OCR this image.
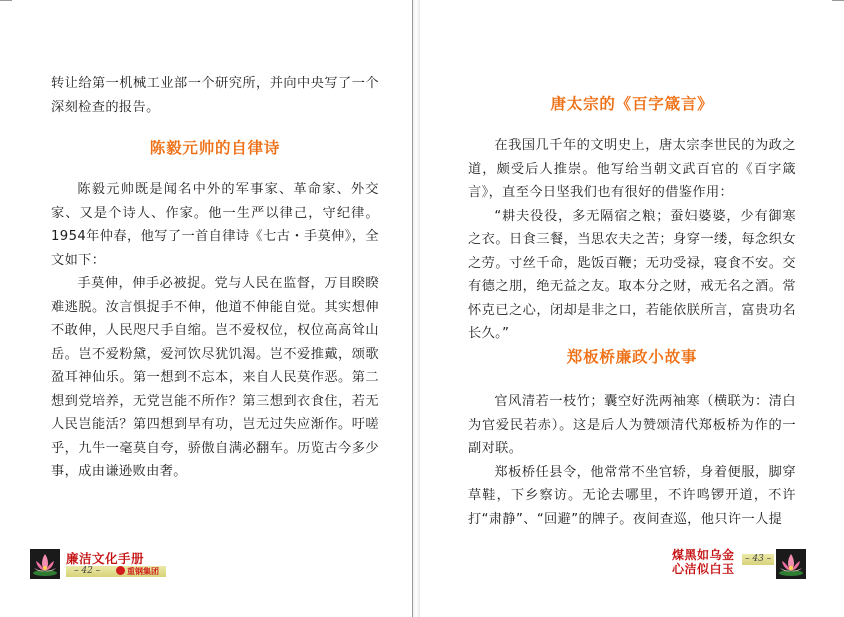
转让给第一机械工业部一个研究所，并向中央写了一个深刻检查的报告。

陈毅元帅的自律诗

陈毅元帅既是闻名中外的军事家、革命家、外交家、又是个诗人、作家。他一生严以律己，守纪律。1954年仲春，他写了一首自律诗《七古・手莫伸》，全文如下：

手莫伸，伸手必被捉。党与人民在监督，万目睽睽难逃脱。汝言惧捉手不伸，他道不伸能自觉。其实想伸不敢伸，人民咫尺手自缩。岂不爱权位，权位高高耸山岳。岂不爱粉黛，爱河饮尽犹饥渴。岂不爱推戴，颂歌盈耳神仙乐。第一想到不忘本，来自人民莫作恶。第二想到党培养，无党岂能不所作？第三想到衣食住，若无人民岂能活？第四想到早有功，岂无过失应渐作。吁嗟乎，九牛一毫莫自夸，骄傲自满必翻车。历览古今多少事，成由谦逊败由奢。

廉洁文化手册
– 42 –	重钢集团
唐太宗的《百字箴言》

在我国几千年的文明史上，唐太宗李世民的为政之道，颇受后人推崇。他写给当朝文武百官的《百字箴言》，直至今日坚我们也有很好的借鉴作用：

“耕夫役役，多无隔宿之粮；蚕妇婆婆，少有御寒之衣。日食三餐，当思农夫之苦；身穿一缕，每念织女之劳。寸丝千命，匙饭百鞭；无功受禄，寝食不安。交有德之朋，绝无益之友。取本分之财，戒无名之酒。常怀克已之心，闭却是非之口，若能依朕所言，富贵功名长久。”

郑板桥廉政小故事

官风清若一枝竹；囊空好洗两袖寒（横联为：清白为官爱民若赤）。这是后人为赞颂清代郑板桥为作的一副对联。

郑板桥任县令，他常常不坐官轿，身着便服，脚穿草鞋，下乡察访。无论去哪里，不许鸣锣开道，不许打“肃静”、“回避”的牌子。夜间查巡，他只许一人提

煤黑如乌金
心洁似白玉
– 43 –
